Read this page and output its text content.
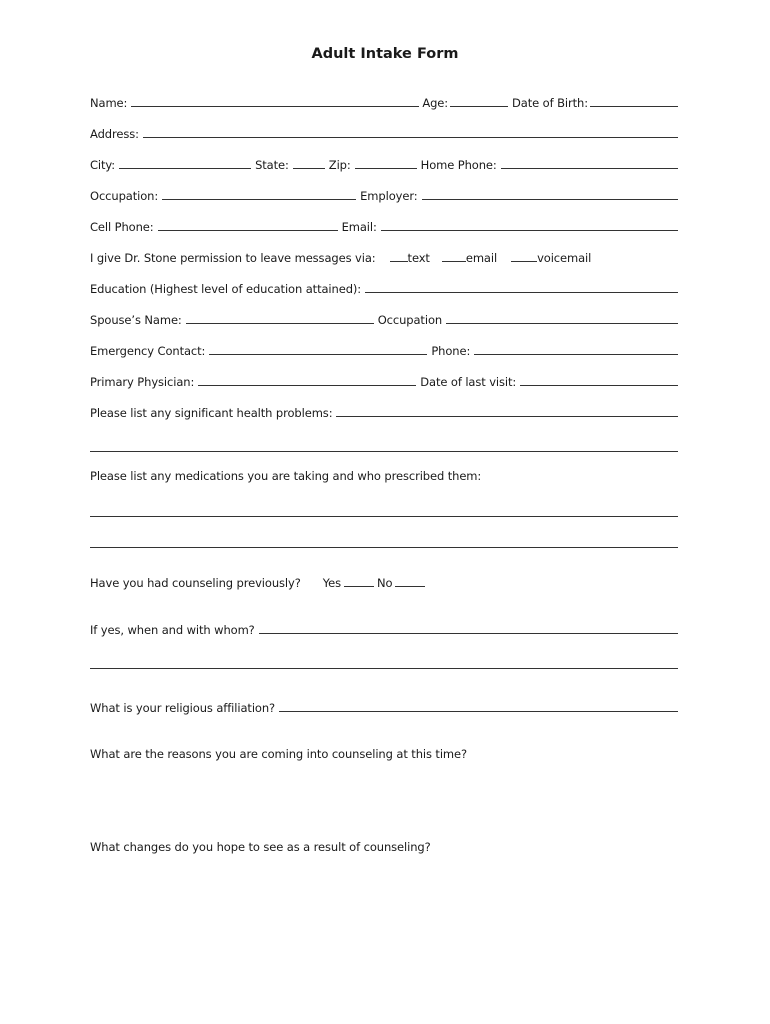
Adult Intake Form
Name:	Age:	Date of Birth:
Address:
City:	State:	Zip:	Home Phone:
Occupation:	Employer:
Cell Phone:	Email:
I give Dr. Stone permission to leave messages via:	text	email	voicemail
Education (Highest level of education attained):
Spouse’s Name:	Occupation
Emergency Contact:	Phone:
Primary Physician:	Date of last visit:
Please list any significant health problems:
Please list any medications you are taking and who prescribed them:
Have you had counseling previously? Yes	No
If yes, when and with whom?
What is your religious affiliation?
What are the reasons you are coming into counseling at this time?
What changes do you hope to see as a result of counseling?
